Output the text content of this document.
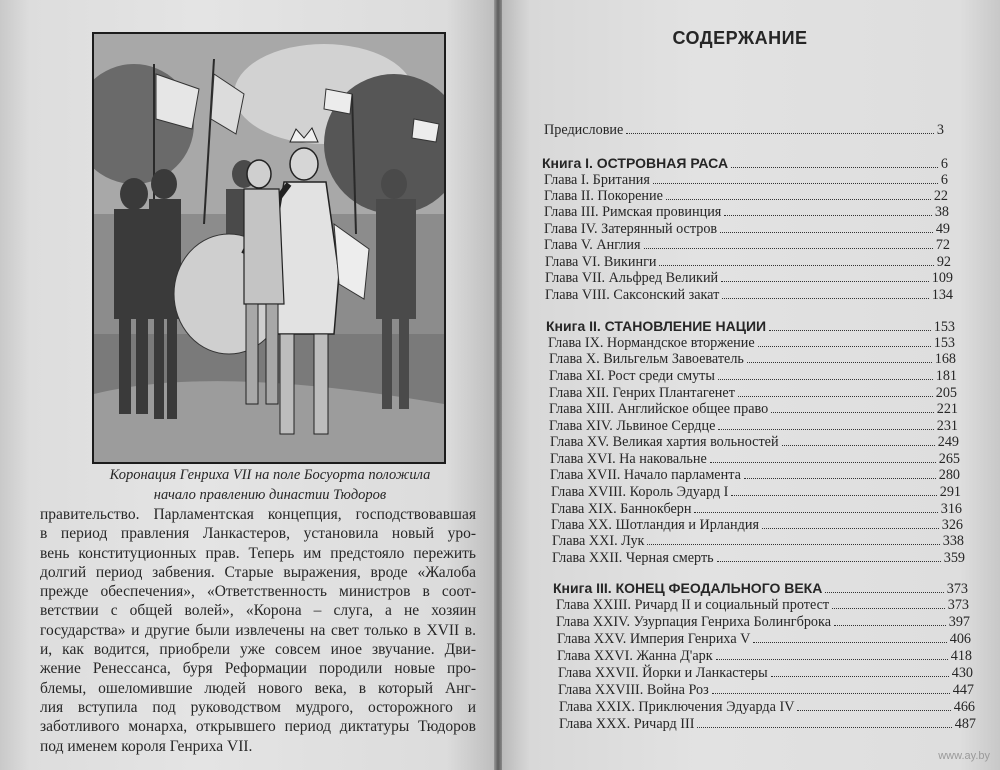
Коронация Генриха VII на поле Босуорта положила
начало правлению династии Тюдоров
правительство. Парламентская концепция, господствовавшая
в период правления Ланкастеров, установила новый уро-
вень конституционных прав. Теперь им предстояло пережить
долгий период забвения. Старые выражения, вроде «Жалоба
прежде обеспечения», «Ответственность министров в соот-
ветствии с общей волей», «Корона – слуга, а не хозяин
государства» и другие были извлечены на свет только в XVII в.
и, как водится, приобрели уже совсем иное звучание. Дви-
жение Ренессанса, буря Реформации породили новые про-
блемы, ошеломившие людей нового века, в который Анг-
лия вступила под руководством мудрого, осторожного и
заботливого монарха, открывшего период диктатуры Тюдоров
под именем короля Генриха VII.
СОДЕРЖАНИЕ
Предисловие	3
Книга I. ОСТРОВНАЯ РАСА	6
Глава I. Британия	6
Глава II. Покорение	22
Глава III. Римская провинция	38
Глава IV. Затерянный остров	49
Глава V. Англия	72
Глава VI. Викинги	92
Глава VII. Альфред Великий	109
Глава VIII. Саксонский закат	134
Книга II. СТАНОВЛЕНИЕ НАЦИИ	153
Глава IX. Нормандское вторжение	153
Глава X. Вильгельм Завоеватель	168
Глава XI. Рост среди смуты	181
Глава XII. Генрих Плантагенет	205
Глава XIII. Английское общее право	221
Глава XIV. Львиное Сердце	231
Глава XV. Великая хартия вольностей	249
Глава XVI. На наковальне	265
Глава XVII. Начало парламента	280
Глава XVIII. Король Эдуард I	291
Глава XIX. Баннокберн	316
Глава XX. Шотландия и Ирландия	326
Глава XXI. Лук	338
Глава XXII. Черная смерть	359
Книга III. КОНЕЦ ФЕОДАЛЬНОГО ВЕКА	373
Глава XXIII. Ричард II и социальный протест	373
Глава XXIV. Узурпация Генриха Болингброка	397
Глава XXV. Империя Генриха V	406
Глава XXVI. Жанна Д'арк	418
Глава XXVII. Йорки и Ланкастеры	430
Глава XXVIII. Война Роз	447
Глава XXIX. Приключения Эдуарда IV	466
Глава XXX. Ричард III	487
www.ay.by
